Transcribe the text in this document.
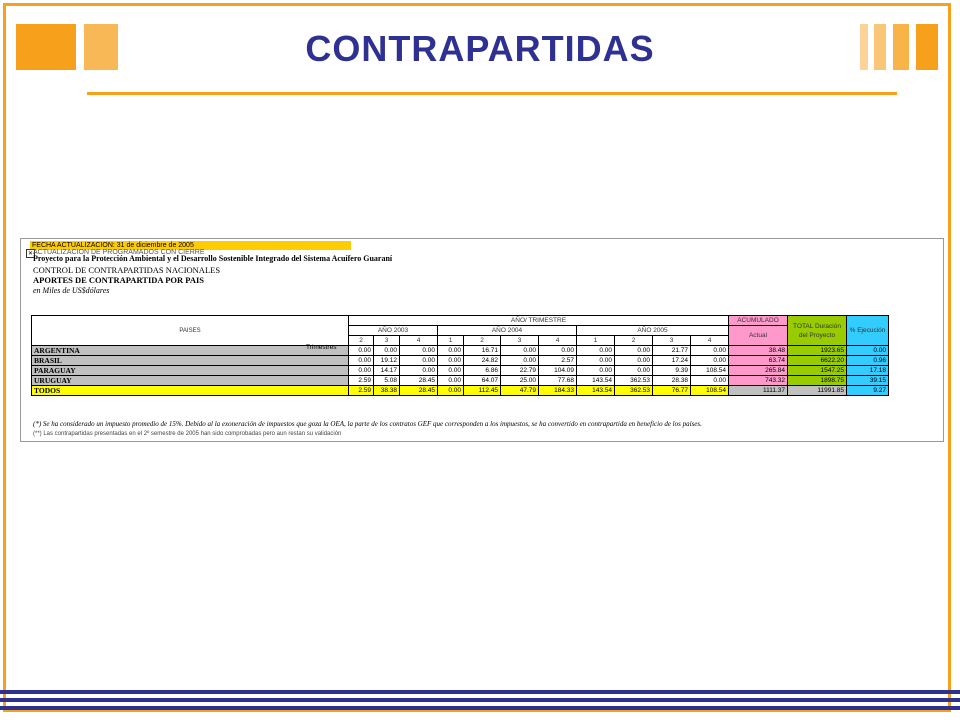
CONTRAPARTIDAS
FECHA ACTUALIZACION: 31 de diciembre de 2005
✕ ACTUALIZACION DE PROGRAMADOS CON CIERRE
Proyecto para la Protección Ambiental y el Desarrollo Sostenible Integrado del Sistema Acuífero Guaraní
CONTROL DE CONTRAPARTIDAS NACIONALES
APORTES DE CONTRAPARTIDA POR PAIS
en Miles de US$dólares
PAISES	AÑO/ TRIMESTRE											ACUMULADO	TOTAL Duración del Proyecto	% Ejecución
	AÑO 2003			AÑO 2004				AÑO 2005				Actual		
	2	3	4	1	2	3	4	1	2	3	4			
ARGENTINA	0.00	0.00	0.00	0.00	16.71	0.00	0.00	0.00	0.00	21.77	0.00	38.48	1923.65	0.00
BRASIL	0.00	19.12	0.00	0.00	24.82	0.00	2.57	0.00	0.00	17.24	0.00	63.74	6622.20	0.96
PARAGUAY	0.00	14.17	0.00	0.00	6.86	22.79	104.09	0.00	0.00	9.39	108.54	265.84	1547.25	17.18
URUGUAY	2.59	5.08	28.45	0.00	64.07	25.00	77.68	143.54	362.53	28.38	0.00	743.32	1898.75	39.15
TODOS	2.59	38.38	28.45	0.00	112.45	47.79	184.33	143.54	362.53	76.77	108.54	1111.37	11991.85	9.27
Trimestres
(*) Se ha considerado un impuesto promedio de 15%. Debido al la exoneración de impuestos que goza la OEA, la parte de los contratos GEF que corresponden a los impuestos, se ha convertido en contrapartida en beneficio de los países.
(**) Las contrapartidas presentadas en el 2º semestre de 2005 han sido comprobadas pero aun restan su validación
